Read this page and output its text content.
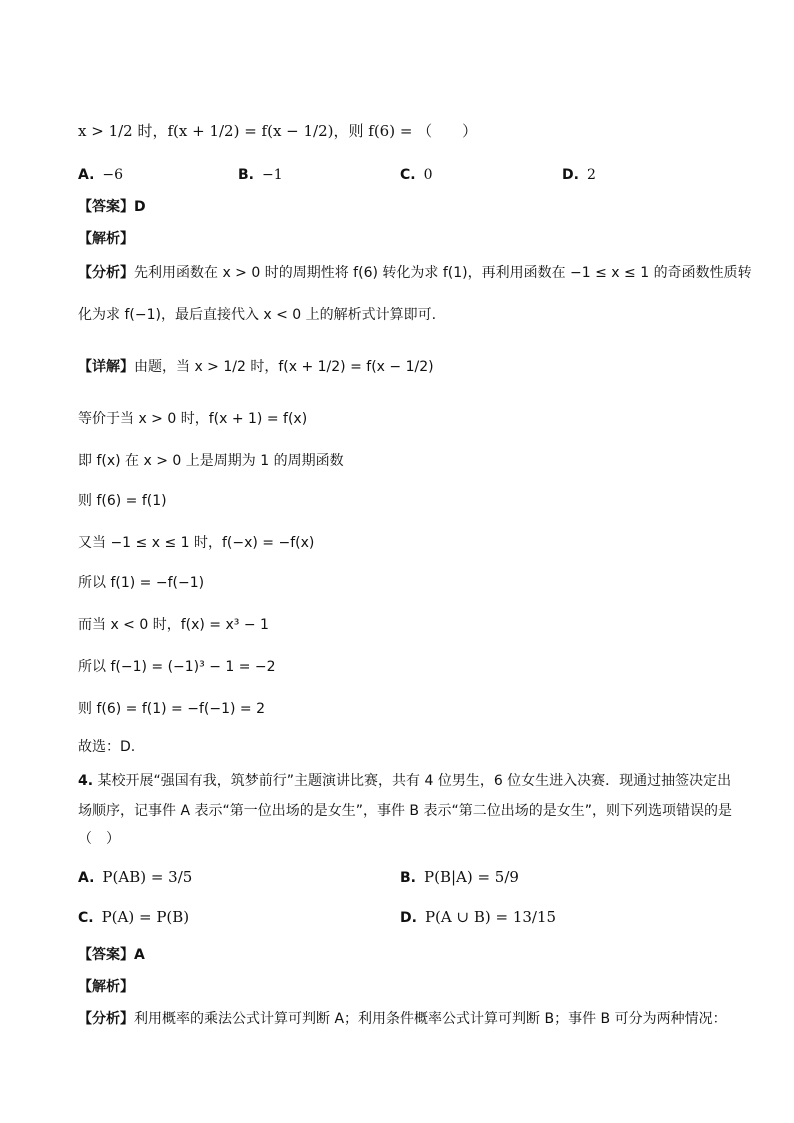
x > 1/2 时，f(x + 1/2) = f(x − 1/2)，则 f(6) = （　　）
A. −6	B. −1	C. 0	D. 2
【答案】D
【解析】
【分析】先利用函数在 x > 0 时的周期性将 f(6) 转化为求 f(1)，再利用函数在 −1 ≤ x ≤ 1 的奇函数性质转
化为求 f(−1)，最后直接代入 x < 0 上的解析式计算即可.
【详解】由题，当 x > 1/2 时，f(x + 1/2) = f(x − 1/2)
等价于当 x > 0 时，f(x + 1) = f(x)
即 f(x) 在 x > 0 上是周期为 1 的周期函数
则 f(6) = f(1)
又当 −1 ≤ x ≤ 1 时，f(−x) = −f(x)
所以 f(1) = −f(−1)
而当 x < 0 时，f(x) = x³ − 1
所以 f(−1) = (−1)³ − 1 = −2
则 f(6) = f(1) = −f(−1) = 2
故选：D.
4. 某校开展“强国有我，筑梦前行”主题演讲比赛，共有 4 位男生，6 位女生进入决赛．现通过抽签决定出
场顺序，记事件 A 表示“第一位出场的是女生”，事件 B 表示“第二位出场的是女生”，则下列选项错误的是
（　）
A. P(AB) = 3/5	B. P(B|A) = 5/9
C. P(A) = P(B)	D. P(A ∪ B) = 13/15
【答案】A
【解析】
【分析】利用概率的乘法公式计算可判断 A；利用条件概率公式计算可判断 B；事件 B 可分为两种情况：
